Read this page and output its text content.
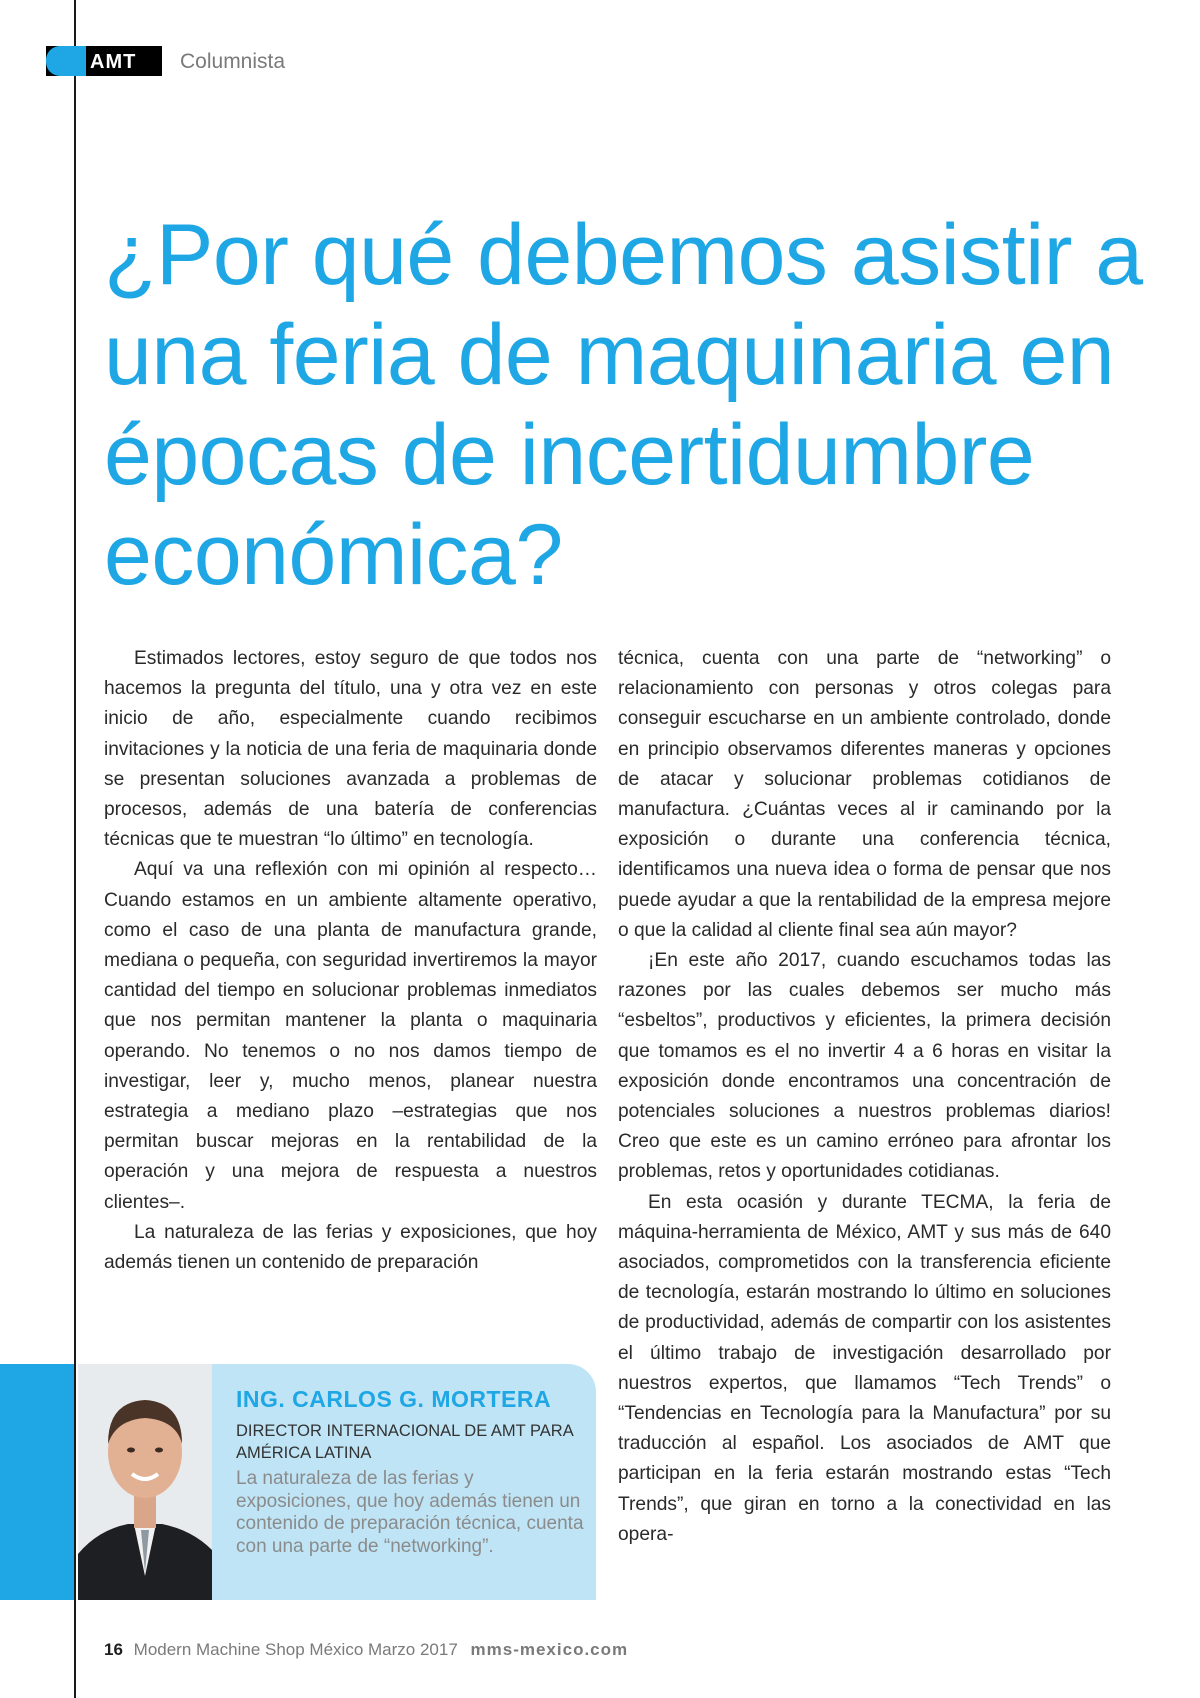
AMT Columnista
¿Por qué debemos asistir a una feria de maquinaria en épocas de incertidumbre económica?

Estimados lectores, estoy seguro de que todos nos hacemos la pregunta del título, una y otra vez en este inicio de año, especialmente cuando recibimos invitaciones y la noticia de una feria de maquinaria donde se presentan soluciones avanzada a problemas de procesos, además de una batería de conferencias técnicas que te muestran “lo último” en tecnología.

Aquí va una reflexión con mi opinión al respecto… Cuando estamos en un ambiente altamente operativo, como el caso de una planta de manufactura grande, mediana o pequeña, con seguridad invertiremos la mayor cantidad del tiempo en solucionar problemas inmediatos que nos permitan mantener la planta o maquinaria operando. No tenemos o no nos damos tiempo de investigar, leer y, mucho menos, planear nuestra estrategia a mediano plazo –estrategias que nos permitan buscar mejoras en la rentabilidad de la operación y una mejora de respuesta a nuestros clientes–.

La naturaleza de las ferias y exposiciones, que hoy además tienen un contenido de preparación

técnica, cuenta con una parte de “networking” o relacionamiento con personas y otros colegas para conseguir escucharse en un ambiente controlado, donde en principio observamos diferentes maneras y opciones de atacar y solucionar problemas cotidianos de manufactura. ¿Cuántas veces al ir caminando por la exposición o durante una conferencia técnica, identificamos una nueva idea o forma de pensar que nos puede ayudar a que la rentabilidad de la empresa mejore o que la calidad al cliente final sea aún mayor?

¡En este año 2017, cuando escuchamos todas las razones por las cuales debemos ser mucho más “esbeltos”, productivos y eficientes, la primera decisión que tomamos es el no invertir 4 a 6 horas en visitar la exposición donde encontramos una concentración de potenciales soluciones a nuestros problemas diarios! Creo que este es un camino erróneo para afrontar los problemas, retos y oportunidades cotidianas.

En esta ocasión y durante TECMA, la feria de máquina-herramienta de México, AMT y sus más de 640 asociados, comprometidos con la transferencia eficiente de tecnología, estarán mostrando lo último en soluciones de productividad, además de compartir con los asistentes el último trabajo de investigación desarrollado por nuestros expertos, que llamamos “Tech Trends” o “Tendencias en Tecnología para la Manufactura” por su traducción al español. Los asociados de AMT que participan en la feria estarán mostrando estas “Tech Trends”, que giran en torno a la conectividad en las opera-

ING. CARLOS G. MORTERA
DIRECTOR INTERNACIONAL DE AMT PARA AMÉRICA LATINA
La naturaleza de las ferias y exposiciones, que hoy además tienen un contenido de preparación técnica, cuenta con una parte de “networking”.
16 Modern Machine Shop México Marzo 2017 mms-mexico.com
